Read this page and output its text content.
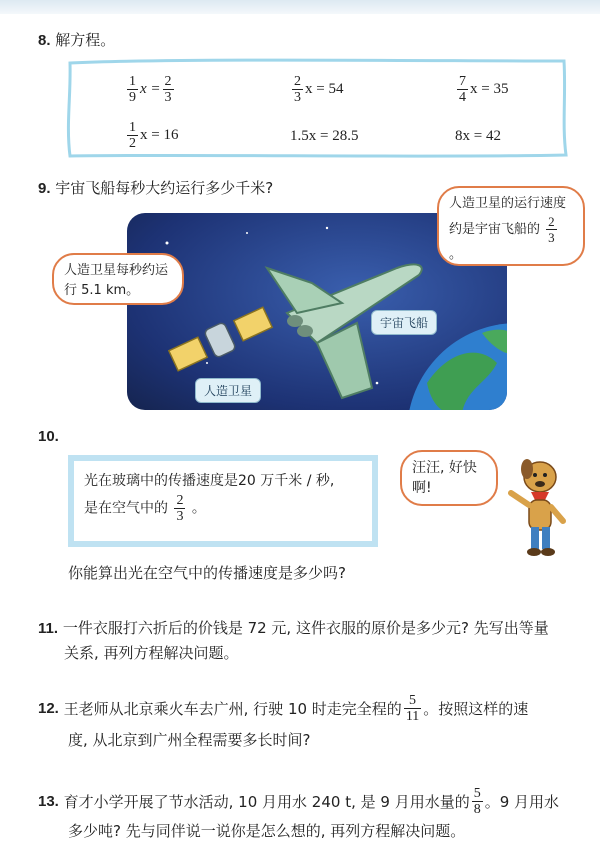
8. 解方程。
$\frac{1}{9}$ $x = \frac{2}{3}$	$\frac{2}{3}$ x = 54	$\frac{7}{4}$ x = 35
$\frac{1}{2}$ x = 16	1.5x = 28.5	8x = 42
9. 宇宙飞船每秒大约运行多少千米?
宇宙飞船
人造卫星
人造卫星每秒约运行 5.1 km。
人造卫星的运行速度约是宇宙飞船的 $\frac{2}{3}$
。
10.
光在玻璃中的传播速度是20 万千米 / 秒,
是在空气中的 $\frac{2}{3}$ 。
汪汪, 好快啊!
你能算出光在空气中的传播速度是多少吗?
11. 一件衣服打六折后的价钱是 72 元, 这件衣服的原价是多少元? 先写出等量
关系, 再列方程解决问题。
12.
王老师从北京乘火车去广州, 行驶 10 时走完全程的 $\frac{5}{11}$ 。按照这样的速
度, 从北京到广州全程需要多长时间?
13.
育才小学开展了节水活动, 10 月用水 240 t, 是 9 月用水量的 $\frac{5}{8}$ 。9 月用水
多少吨? 先与同伴说一说你是怎么想的, 再列方程解决问题。
